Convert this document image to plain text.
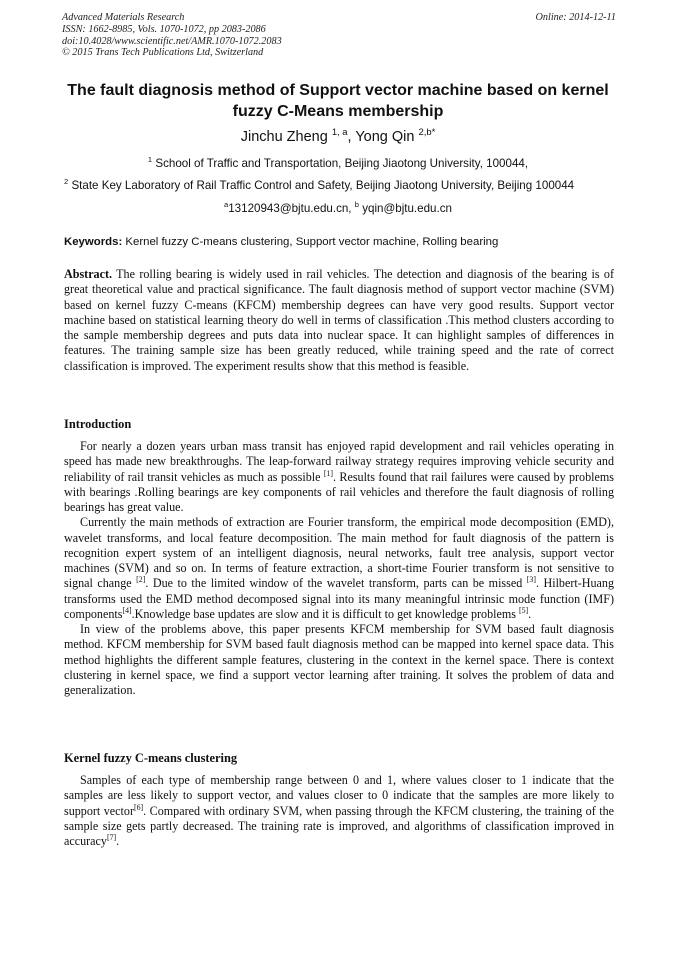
Advanced Materials Research
ISSN: 1662-8985, Vols. 1070-1072, pp 2083-2086
doi:10.4028/www.scientific.net/AMR.1070-1072.2083
© 2015 Trans Tech Publications Ltd, Switzerland
Online: 2014-12-11
The fault diagnosis method of Support vector machine based on kernel
fuzzy C-Means membership
Jinchu Zheng $^{1, a}$, Yong Qin $^{2,b*}$
$^1$ School of Traffic and Transportation, Beijing Jiaotong University, 100044,
$^2$ State Key Laboratory of Rail Traffic Control and Safety, Beijing Jiaotong University, Beijing 100044
$^a$13120943@bjtu.edu.cn, $^b$ yqin@bjtu.edu.cn
Keywords: Kernel fuzzy C-means clustering, Support vector machine, Rolling bearing

Abstract. The rolling bearing is widely used in rail vehicles. The detection and diagnosis of the bearing is of great theoretical value and practical significance. The fault diagnosis method of support vector machine (SVM) based on kernel fuzzy C-means (KFCM) membership degrees can have very good results. Support vector machine based on statistical learning theory do well in terms of classification .This method clusters according to the sample membership degrees and puts data into nuclear space. It can highlight samples of differences in features. The training sample size has been greatly reduced, while training speed and the rate of correct classification is improved. The experiment results show that this method is feasible.

Introduction

For nearly a dozen years urban mass transit has enjoyed rapid development and rail vehicles operating in speed has made new breakthroughs. The leap-forward railway strategy requires improving vehicle security and reliability of rail transit vehicles as much as possible [1]. Results found that rail failures were caused by problems with bearings .Rolling bearings are key components of rail vehicles and therefore the fault diagnosis of rolling bearings has great value.

Currently the main methods of extraction are Fourier transform, the empirical mode decomposition (EMD), wavelet transforms, and local feature decomposition. The main method for fault diagnosis of the pattern is recognition expert system of an intelligent diagnosis, neural networks, fault tree analysis, support vector machines (SVM) and so on. In terms of feature extraction, a short-time Fourier transform is not sensitive to signal change [2]. Due to the limited window of the wavelet transform, parts can be missed [3]. Hilbert-Huang transforms used the EMD method decomposed signal into its many meaningful intrinsic mode function (IMF) components[4].Knowledge base updates are slow and it is difficult to get knowledge problems [5].

In view of the problems above, this paper presents KFCM membership for SVM based fault diagnosis method. KFCM membership for SVM based fault diagnosis method can be mapped into kernel space data. This method highlights the different sample features, clustering in the context in the kernel space. There is context clustering in kernel space, we find a support vector learning after training. It solves the problem of data and generalization.

Kernel fuzzy C-means clustering

Samples of each type of membership range between 0 and 1, where values closer to 1 indicate that the samples are less likely to support vector, and values closer to 0 indicate that the samples are more likely to support vector[6]. Compared with ordinary SVM, when passing through the KFCM clustering, the training of the sample size gets partly decreased. The training rate is improved, and algorithms of classification improved in accuracy[7].
